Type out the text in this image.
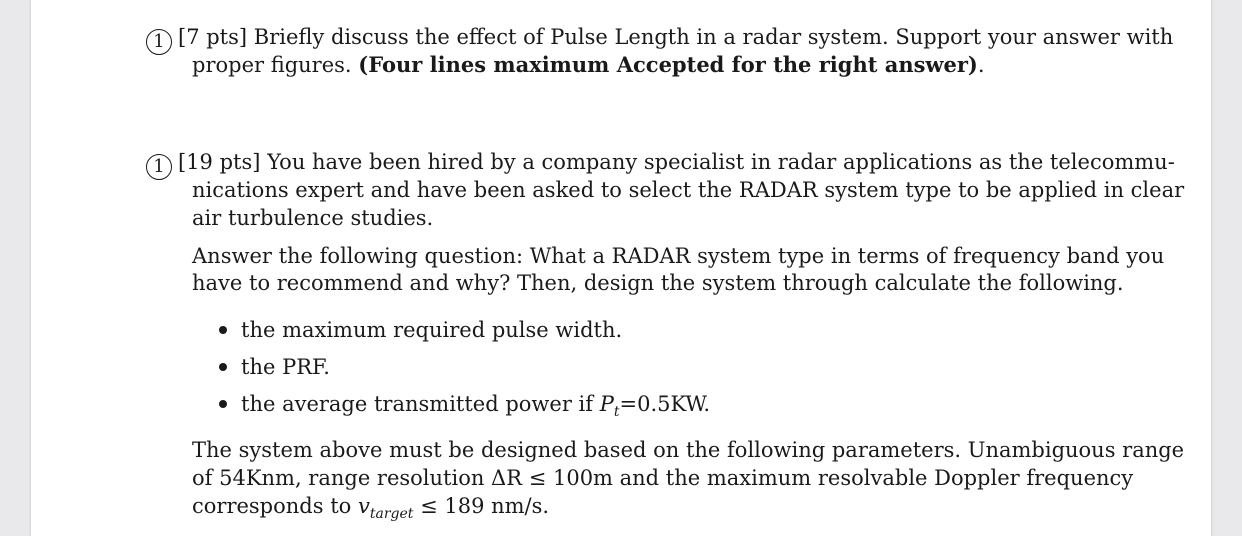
1 [7 pts] Briefly discuss the effect of Pulse Length in a radar system. Support your answer with
proper figures. (Four lines maximum Accepted for the right answer).
1 [19 pts] You have been hired by a company specialist in radar applications as the telecommu-
nications expert and have been asked to select the RADAR system type to be applied in clear
air turbulence studies.
Answer the following question: What a RADAR system type in terms of frequency band you
have to recommend and why? Then, design the system through calculate the following.
the maximum required pulse width.
the PRF.
the average transmitted power if $P_t=0.5KW$.
The system above must be designed based on the following parameters. Unambiguous range
of 54Knm, range resolution ΔR ≤ 100m and the maximum resolvable Doppler frequency
corresponds to $v_{target} \le 189$ nm/s.
